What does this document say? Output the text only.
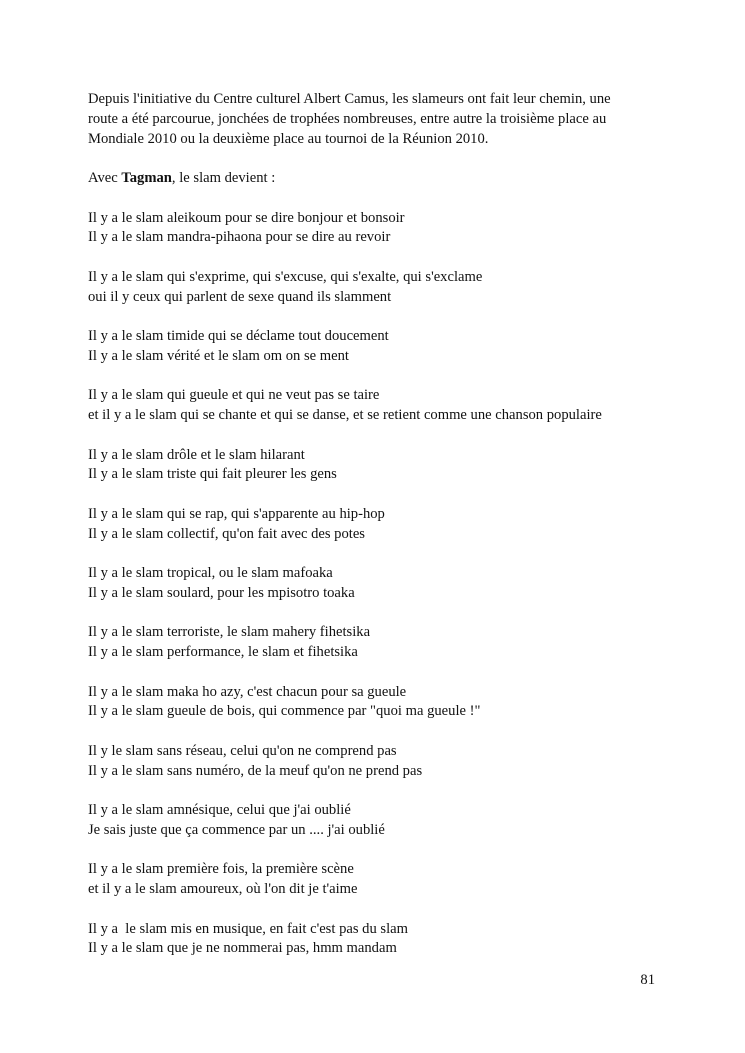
Depuis l'initiative du Centre culturel Albert Camus, les slameurs ont fait leur chemin, une
route a été parcourue, jonchées de trophées nombreuses, entre autre la troisième place au
Mondiale 2010 ou la deuxième place au tournoi de la Réunion 2010.
Avec Tagman, le slam devient :
Il y a le slam aleikoum pour se dire bonjour et bonsoir
Il y a le slam mandra-pihaona pour se dire au revoir
Il y a le slam qui s'exprime, qui s'excuse, qui s'exalte, qui s'exclame
oui il y ceux qui parlent de sexe quand ils slamment
Il y a le slam timide qui se déclame tout doucement
Il y a le slam vérité et le slam om on se ment
Il y a le slam qui gueule et qui ne veut pas se taire
et il y a le slam qui se chante et qui se danse, et se retient comme une chanson populaire
Il y a le slam drôle et le slam hilarant
Il y a le slam triste qui fait pleurer les gens
Il y a le slam qui se rap, qui s'apparente au hip-hop
Il y a le slam collectif, qu'on fait avec des potes
Il y a le slam tropical, ou le slam mafoaka
Il y a le slam soulard, pour les mpisotro toaka
Il y a le slam terroriste, le slam mahery fihetsika
Il y a le slam performance, le slam et fihetsika
Il y a le slam maka ho azy, c'est chacun pour sa gueule
Il y a le slam gueule de bois, qui commence par "quoi ma gueule !"
Il y le slam sans réseau, celui qu'on ne comprend pas
Il y a le slam sans numéro, de la meuf qu'on ne prend pas
Il y a le slam amnésique, celui que j'ai oublié
Je sais juste que ça commence par un .... j'ai oublié
Il y a le slam première fois, la première scène
et il y a le slam amoureux, où l'on dit je t'aime
Il y a  le slam mis en musique, en fait c'est pas du slam
Il y a le slam que je ne nommerai pas, hmm mandam
81
